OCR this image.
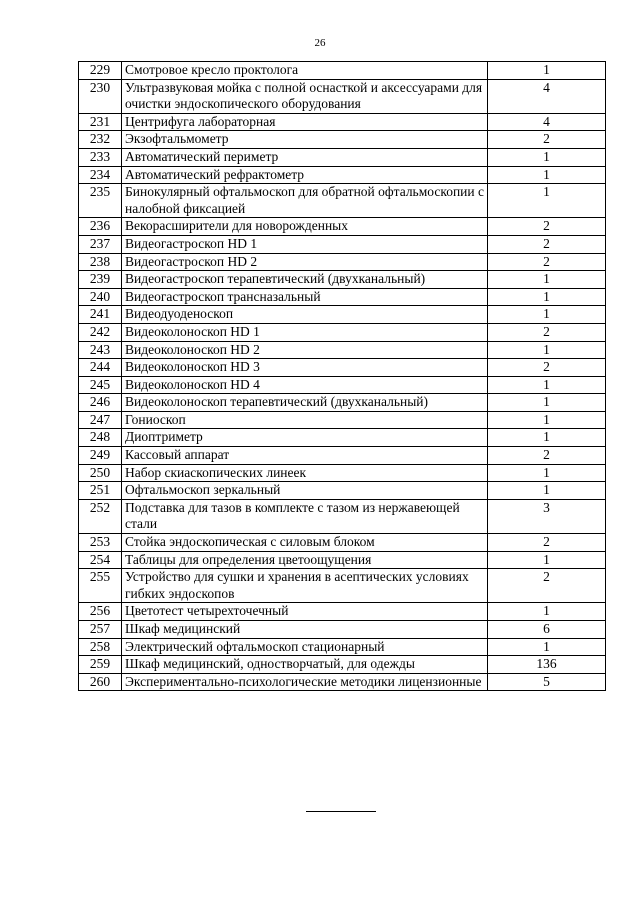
26
229	Смотровое кресло проктолога	1
230	Ультразвуковая мойка с полной оснасткой и аксессуарами для очистки эндоскопического оборудования	4
231	Центрифуга лабораторная	4
232	Экзофтальмометр	2
233	Автоматический периметр	1
234	Автоматический рефрактометр	1
235	Бинокулярный офтальмоскоп для обратной офтальмоскопии с налобной фиксацией	1
236	Векорасширители для новорожденных	2
237	Видеогастроскоп HD 1	2
238	Видеогастроскоп HD 2	2
239	Видеогастроскоп терапевтический (двухканальный)	1
240	Видеогастроскоп трансназальный	1
241	Видеодуоденоскоп	1
242	Видеоколоноскоп HD 1	2
243	Видеоколоноскоп HD 2	1
244	Видеоколоноскоп HD 3	2
245	Видеоколоноскоп HD 4	1
246	Видеоколоноскоп терапевтический (двухканальный)	1
247	Гониоскоп	1
248	Диоптриметр	1
249	Кассовый аппарат	2
250	Набор скиаскопических линеек	1
251	Офтальмоскоп зеркальный	1
252	Подставка для тазов в комплекте с тазом из нержавеющей стали	3
253	Стойка эндоскопическая с силовым блоком	2
254	Таблицы для определения цветоощущения	1
255	Устройство для сушки и хранения в асептических условиях гибких эндоскопов	2
256	Цветотест четырехточечный	1
257	Шкаф медицинский	6
258	Электрический офтальмоскоп стационарный	1
259	Шкаф медицинский, одностворчатый, для одежды	136
260	Экспериментально-психологические методики лицензионные	5
